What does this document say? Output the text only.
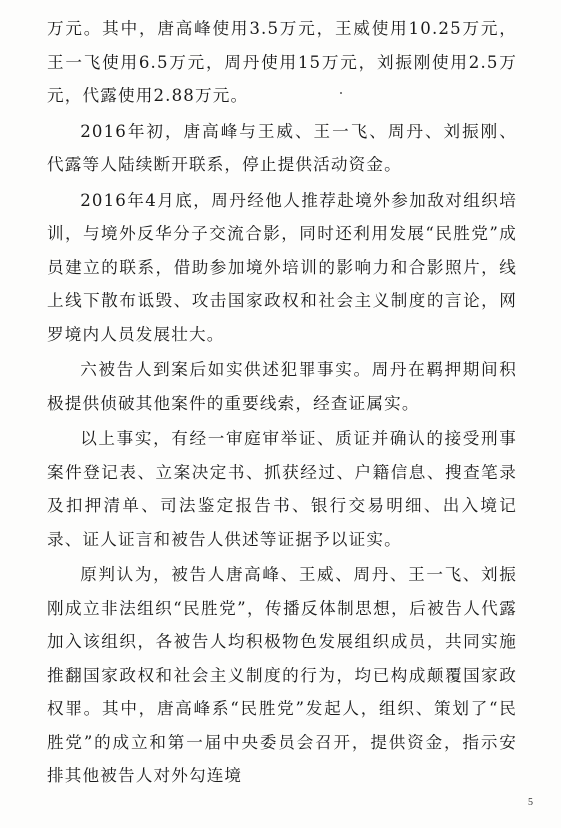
万元。其中，唐高峰使用3.5万元，王威使用10.25万元，王一飞使用6.5万元，周丹使用15万元，刘振刚使用2.5万元，代露使用2.88万元。

2016年初，唐高峰与王威、王一飞、周丹、刘振刚、代露等人陆续断开联系，停止提供活动资金。

2016年4月底，周丹经他人推荐赴境外参加敌对组织培训，与境外反华分子交流合影，同时还利用发展“民胜党”成员建立的联系，借助参加境外培训的影响力和合影照片，线上线下散布诋毁、攻击国家政权和社会主义制度的言论，网罗境内人员发展壮大。

六被告人到案后如实供述犯罪事实。周丹在羁押期间积极提供侦破其他案件的重要线索，经查证属实。

以上事实，有经一审庭审举证、质证并确认的接受刑事案件登记表、立案决定书、抓获经过、户籍信息、搜查笔录及扣押清单、司法鉴定报告书、银行交易明细、出入境记录、证人证言和被告人供述等证据予以证实。

原判认为，被告人唐高峰、王威、周丹、王一飞、刘振刚成立非法组织“民胜党”，传播反体制思想，后被告人代露加入该组织，各被告人均积极物色发展组织成员，共同实施推翻国家政权和社会主义制度的行为，均已构成颠覆国家政权罪。其中，唐高峰系“民胜党”发起人，组织、策划了“民胜党”的成立和第一届中央委员会召开，提供资金，指示安排其他被告人对外勾连境

5
